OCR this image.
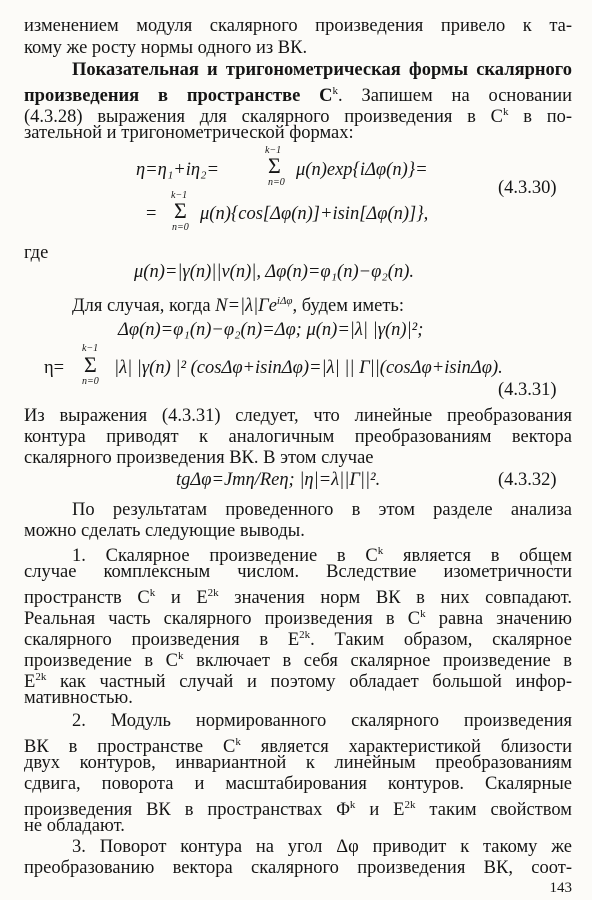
изменением модуля скалярного произведения привело к та-
кому же росту нормы одного из ВК.
Показательная и тригонометрическая формы скалярного
произведения в пространстве $C^k$. Запишем на основании
(4.3.28) выражения для скалярного произведения в $C^k$ в по-
зательной и тригонометрической формах:
η=η₁+iη₂=
k−1
Σ
n=0
μ(n)exp{iΔφ(n)}=
(4.3.30)
=
k−1
Σ
n=0
μ(n){cos[Δφ(n)]+isin[Δφ(n)]},
где
μ(n)=|γ(n)||ν(n)|, Δφ(n)=φ₁(n)−φ₂(n).
Для случая, когда $N=|\lambda|\Gamma e^{i\Delta\varphi}$, будем иметь:
Δφ(n)=φ₁(n)−φ₂(n)=Δφ; μ(n)=|λ| |γ(n)|²;
η=
k−1
Σ
n=0
|λ| |γ(n) |² (cosΔφ+isinΔφ)=|λ| || Γ||(cosΔφ+isinΔφ).
(4.3.31)
Из выражения (4.3.31) следует, что линейные преобразования
контура приводят к аналогичным преобразованиям вектора
скалярного произведения ВК. В этом случае
tgΔφ=Jmη/Reη; |η|=λ||Γ||².	(4.3.32)
По результатам проведенного в этом разделе анализа
можно сделать следующие выводы.
1. Скалярное произведение в $C^k$ является в общем
случае комплексным числом. Вследствие изометричности
пространств $C^k$ и $E^{2k}$ значения норм ВК в них совпадают.
Реальная часть скалярного произведения в $C^k$ равна значению
скалярного произведения в $E^{2k}$. Таким образом, скалярное
произведение в $C^k$ включает в себя скалярное произведение в
$E^{2k}$ как частный случай и поэтому обладает большой инфор-
мативностью.
2. Модуль нормированного скалярного произведения
ВК в пространстве $C^k$ является характеристикой близости
двух контуров, инвариантной к линейным преобразованиям
сдвига, поворота и масштабирования контуров. Скалярные
произведения ВК в пространствах $\Phi^k$ и $E^{2k}$ таким свойством
не обладают.
3. Поворот контура на угол Δφ приводит к такому же
преобразованию вектора скалярного произведения ВК, соот-
143
